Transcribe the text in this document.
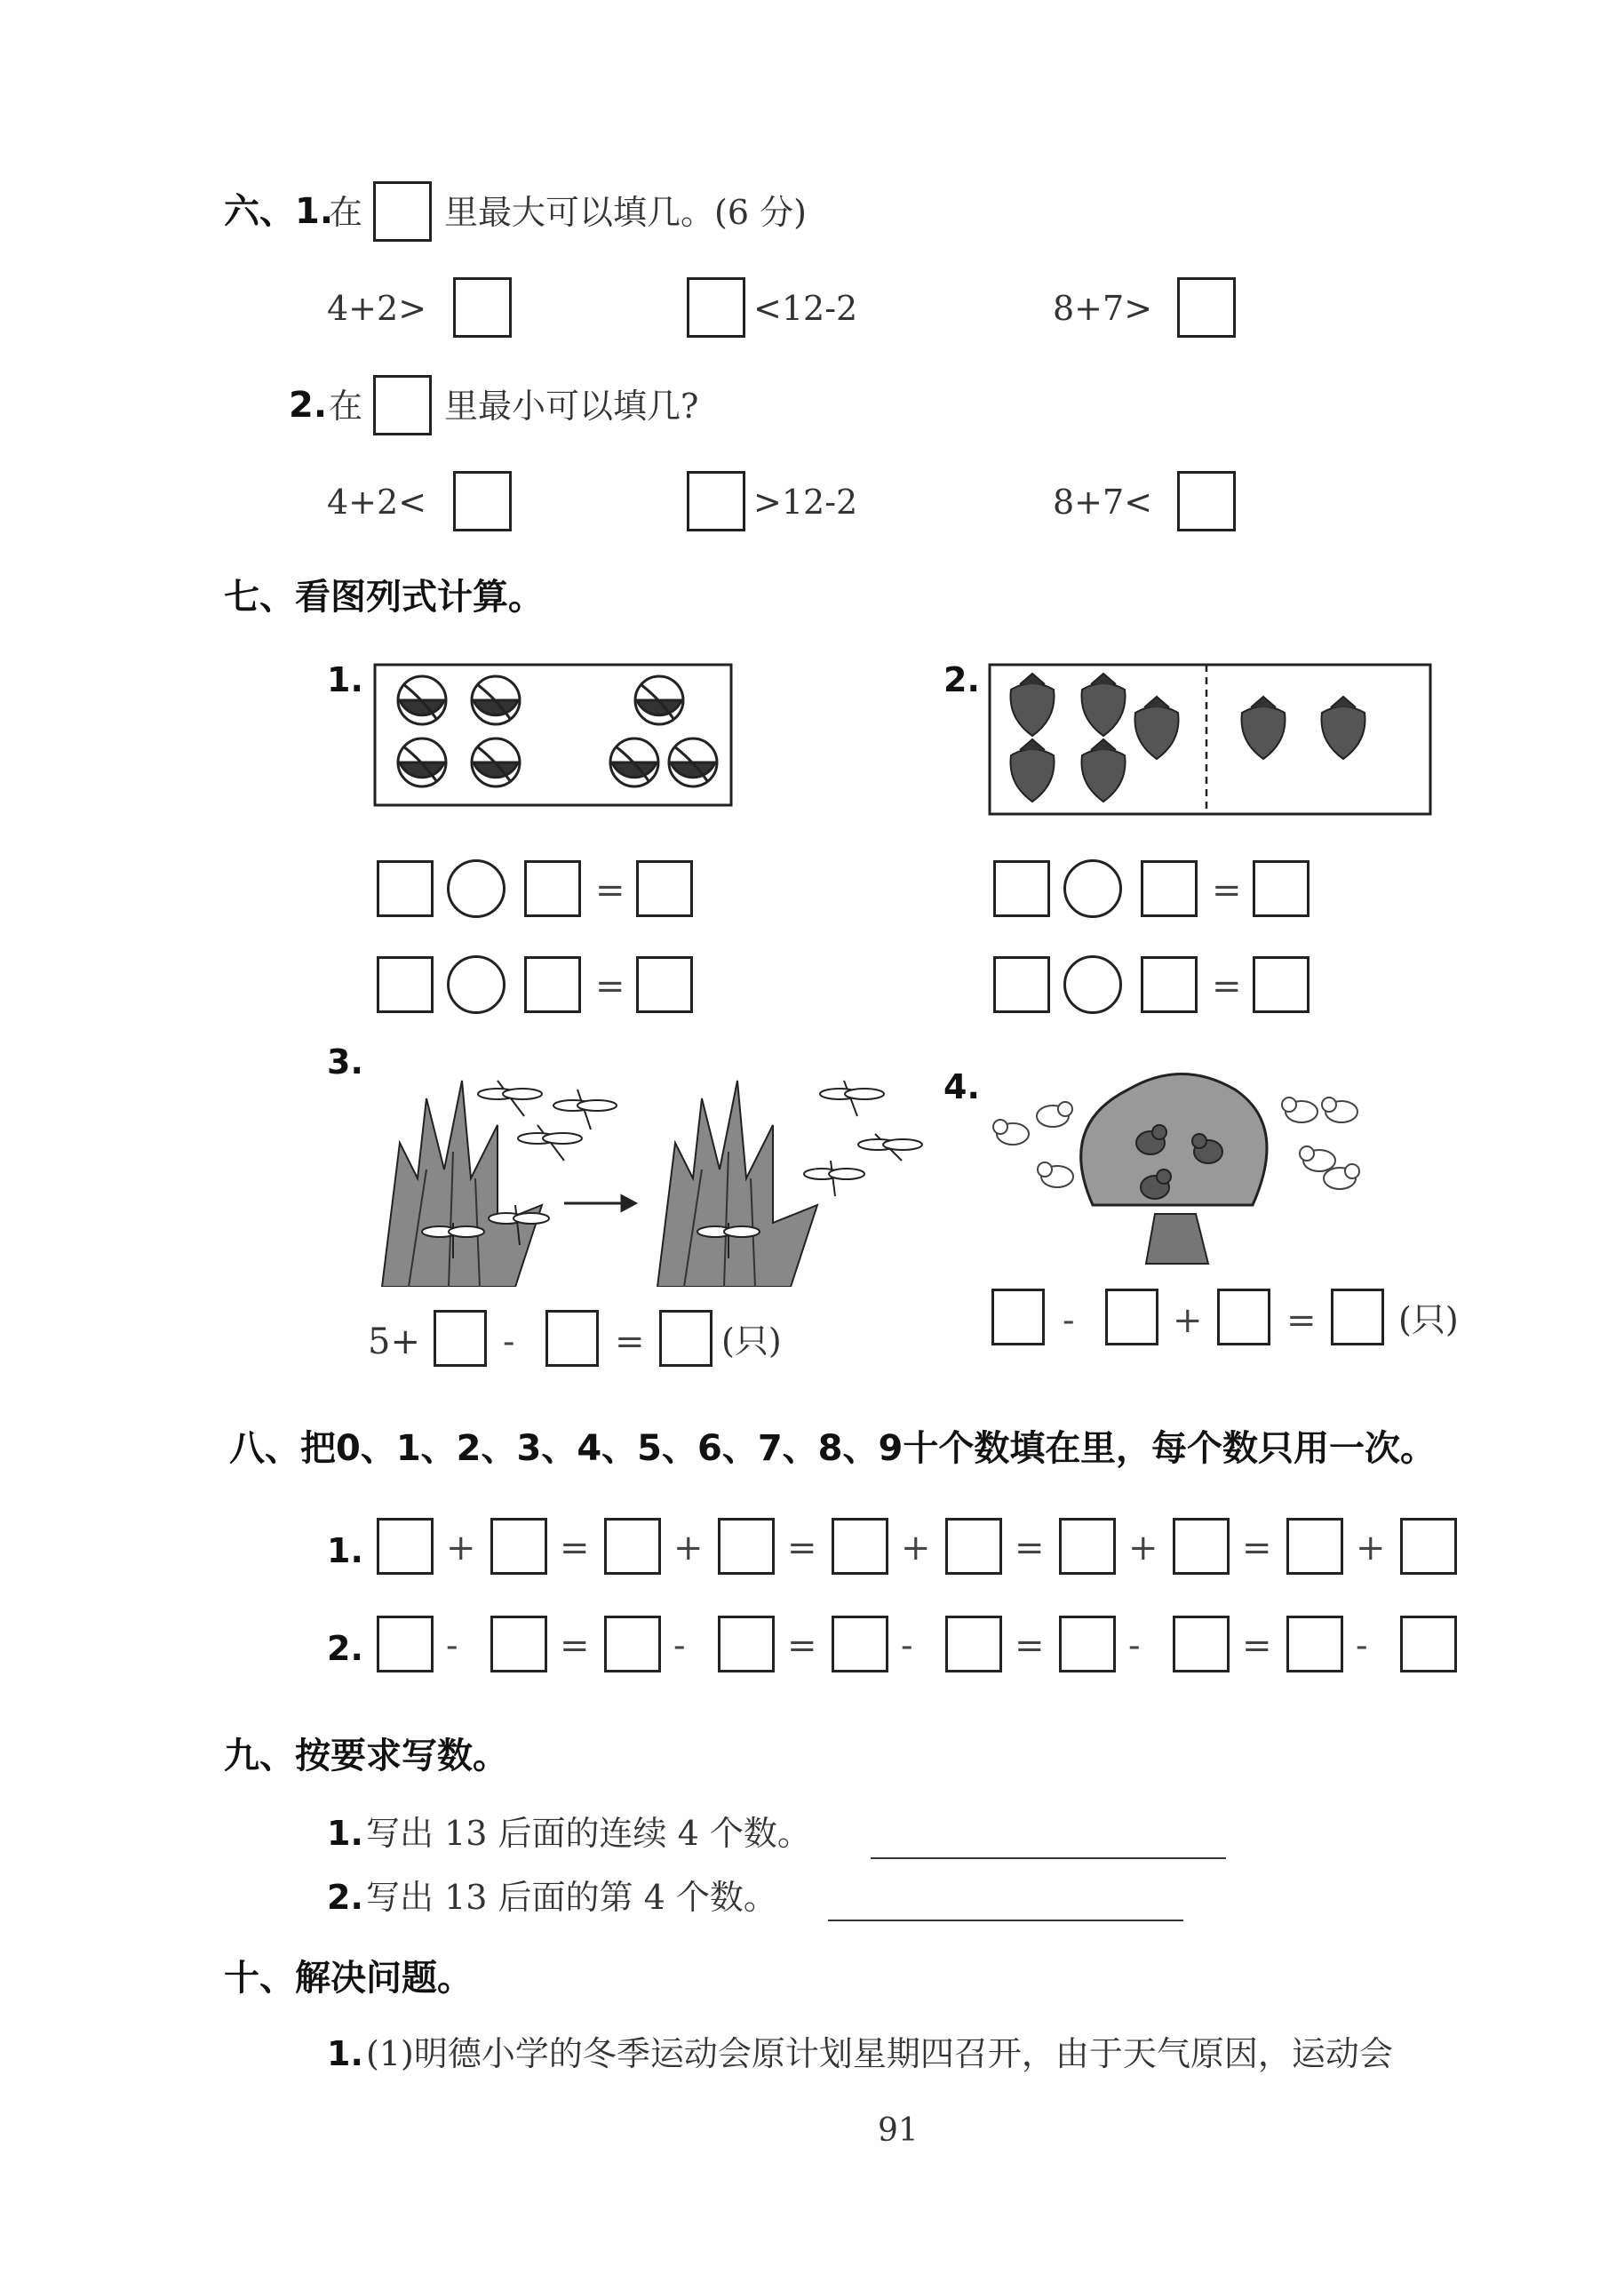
六、1.
在 里最大可以填几。(6 分)
4+2>	<12-2	8+7>
2. 在 里最小可以填几?
4+2<	>12-2	8+7<
七、看图列式计算。
1.	2.
=
=
=
=
3.
5+ -	= (只)
4.
-	+ = (只)
八、把0、1、2、3、4、5、6、7、8、9十个数填在 里，每个数只用一次。
1. + = + = + = + = +
2. -	= -	= -	= -	= -
九、按要求写数。
1. 写出 13 后面的连续 4 个数。
2. 写出 13 后面的第 4 个数。
十、解决问题。
1. (1)明德小学的冬季运动会原计划星期四召开，由于天气原因，运动会
91
